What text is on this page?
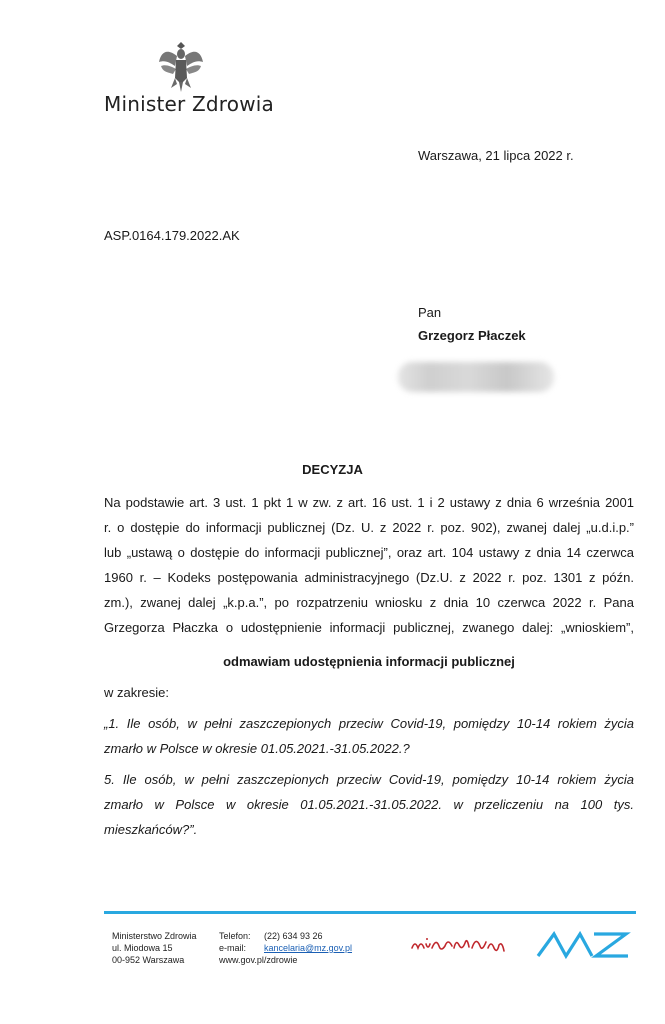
Minister Zdrowia
Warszawa, 21 lipca 2022 r.
ASP.0164.179.2022.AK
Pan
Grzegorz Płaczek
DECYZJA
Na podstawie art. 3 ust. 1 pkt 1 w zw. z art. 16 ust. 1 i 2 ustawy z dnia 6 września 2001
r. o dostępie do informacji publicznej (Dz. U. z 2022 r. poz. 902), zwanej dalej „u.d.i.p.”
lub „ustawą o dostępie do informacji publicznej”, oraz art. 104 ustawy z dnia 14 czerwca
1960 r. – Kodeks postępowania administracyjnego (Dz.U. z 2022 r. poz. 1301 z późn.
zm.), zwanej dalej „k.p.a.”, po rozpatrzeniu wniosku z dnia 10 czerwca 2022 r. Pana
Grzegorza Płaczka o udostępnienie informacji publicznej, zwanego dalej: „wnioskiem”,
odmawiam udostępnienia informacji publicznej
w zakresie:
„1. Ile osób, w pełni zaszczepionych przeciw Covid-19, pomiędzy 10-14 rokiem życia
zmarło w Polsce w okresie 01.05.2021.-31.05.2022.?
5. Ile osób, w pełni zaszczepionych przeciw Covid-19, pomiędzy 10-14 rokiem życia
zmarło w Polsce w okresie 01.05.2021.-31.05.2022. w przeliczeniu na 100 tys.
mieszkańców?”.
Ministerstwo Zdrowia
ul. Miodowa 15
00-952 Warszawa
Telefon:
e-mail:
www.gov.pl/zdrowie
(22) 634 93 26
kancelaria@mz.gov.pl
